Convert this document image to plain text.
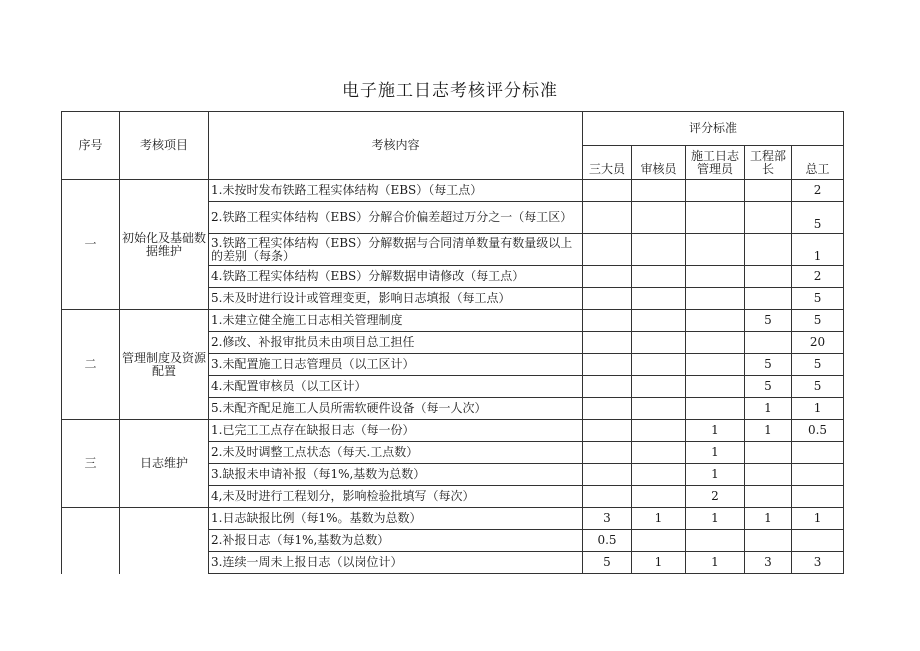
电子施工日志考核评分标准
序号	考核项目	考核内容	评分标准				
			三大员	审核员	施工日志管理员	工程部长	总工
一	初始化及基础数据维护	1.未按时发布铁路工程实体结构（EBS）（每工点）					2
		2.铁路工程实体结构（EBS）分解合价偏差超过万分之一（每工区）					5
		3.铁路工程实体结构（EBS）分解数据与合同清单数量有数量级以上的差别（每条）					1
		4.铁路工程实体结构（EBS）分解数据申请修改（每工点）					2
		5.未及时进行设计或管理变更，影响日志填报（每工点）					5
二	管理制度及资源配置	1.未建立健全施工日志相关管理制度				5	5
		2.修改、补报审批员未由项目总工担任					20
		3.未配置施工日志管理员（以工区计）				5	5
		4.未配置审核员（以工区计）				5	5
		5.未配齐配足施工人员所需软硬件设备（每一人次）				1	1
三	日志维护	1.已完工工点存在缺报日志（每一份）			1	1	0.5
		2.未及时调整工点状态（每天.工点数）			1		
		3.缺报未申请补报（每1%,基数为总数）			1		
		4,未及时进行工程划分，影响检验批填写（每次）			2		
		1.日志缺报比例（每1%。基数为总数）	3	1	1	1	1
		2.补报日志（每1%,基数为总数）	0.5				
		3.连续一周未上报日志（以岗位计）	5	1	1	3	3
